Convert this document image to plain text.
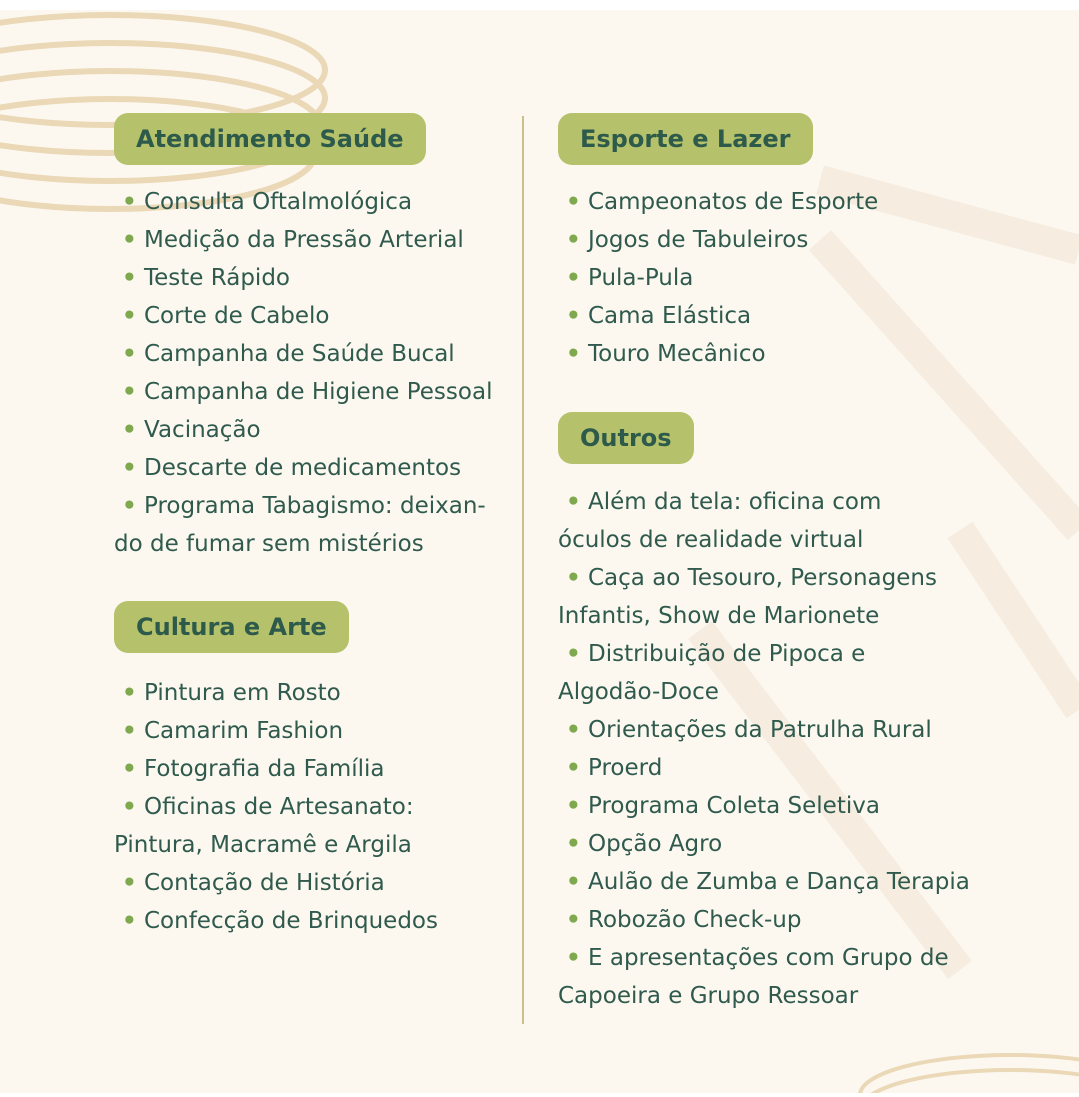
Atendimento Saúde
• Consulta Oftalmológica
• Medição da Pressão Arterial
• Teste Rápido
• Corte de Cabelo
• Campanha de Saúde Bucal
• Campanha de Higiene Pessoal
• Vacinação
• Descarte de medicamentos
• Programa Tabagismo: deixan-
do de fumar sem mistérios
Cultura e Arte
• Pintura em Rosto
• Camarim Fashion
• Fotografia da Família
• Oficinas de Artesanato:
Pintura, Macramê e Argila
• Contação de História
• Confecção de Brinquedos
Esporte e Lazer
• Campeonatos de Esporte
• Jogos de Tabuleiros
• Pula-Pula
• Cama Elástica
• Touro Mecânico
Outros
• Além da tela: oficina com
óculos de realidade virtual
• Caça ao Tesouro, Personagens
Infantis, Show de Marionete
• Distribuição de Pipoca e
Algodão-Doce
• Orientações da Patrulha Rural
• Proerd
• Programa Coleta Seletiva
• Opção Agro
• Aulão de Zumba e Dança Terapia
• Robozão Check-up
• E apresentações com Grupo de
Capoeira e Grupo Ressoar
